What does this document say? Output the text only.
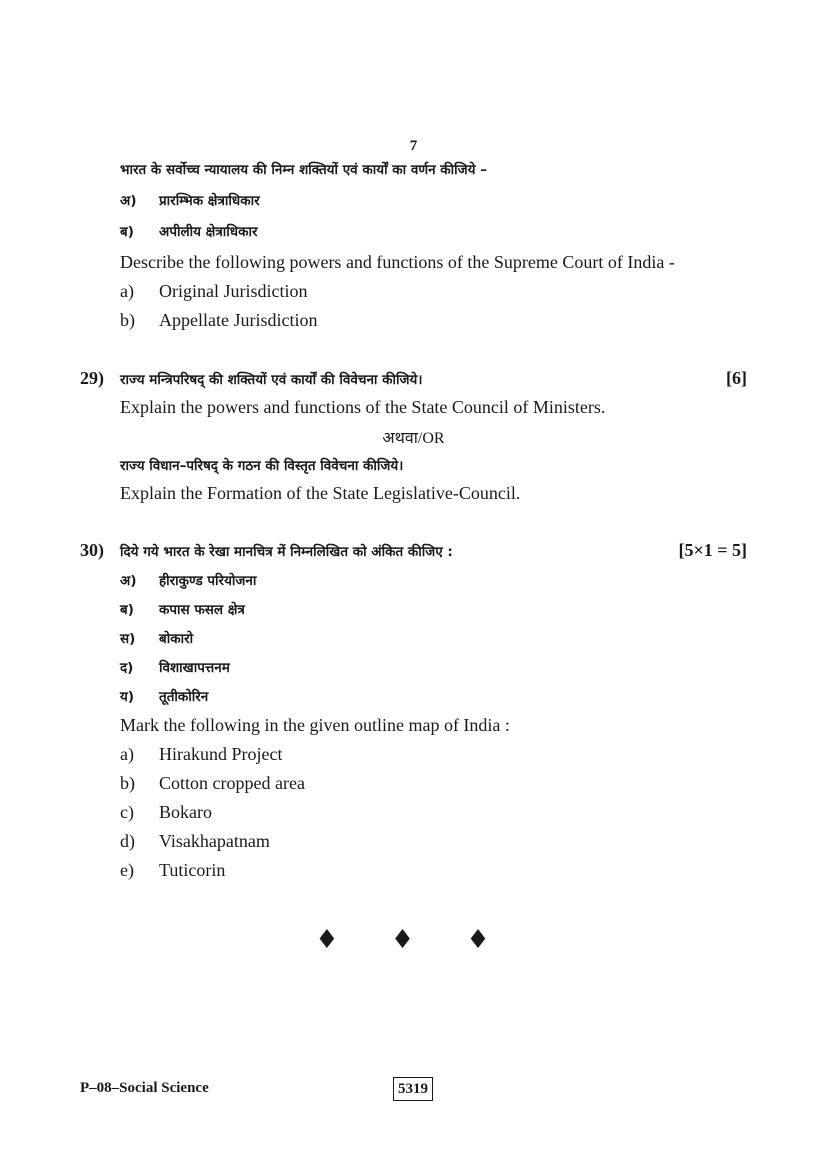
7
भारत के सर्वोच्च न्यायालय की निम्न शक्तियों एवं कार्यों का वर्णन कीजिये –
अ) प्रारम्भिक क्षेत्राधिकार
ब) अपीलीय क्षेत्राधिकार
Describe the following powers and functions of the Supreme Court of India -
a) Original Jurisdiction
b) Appellate Jurisdiction
29)	[6]
राज्य मन्त्रिपरिषद् की शक्तियों एवं कार्यों की विवेचना कीजिये।
Explain the powers and functions of the State Council of Ministers.
अथवा/OR
राज्य विधान–परिषद् के गठन की विस्तृत विवेचना कीजिये।
Explain the Formation of the State Legislative-Council.
30)	[5×1 = 5]
दिये गये भारत के रेखा मानचित्र में निम्नलिखित को अंकित कीजिए :
अ) हीराकुण्ड परियोजना
ब) कपास फसल क्षेत्र
स) बोकारो
द) विशाखापत्तनम
य) तूतीकोरिन
Mark the following in the given outline map of India :
a) Hirakund Project
b) Cotton cropped area
c) Bokaro
d) Visakhapatnam
e) Tuticorin
♦ ♦ ♦
P–08–Social Science	5319
